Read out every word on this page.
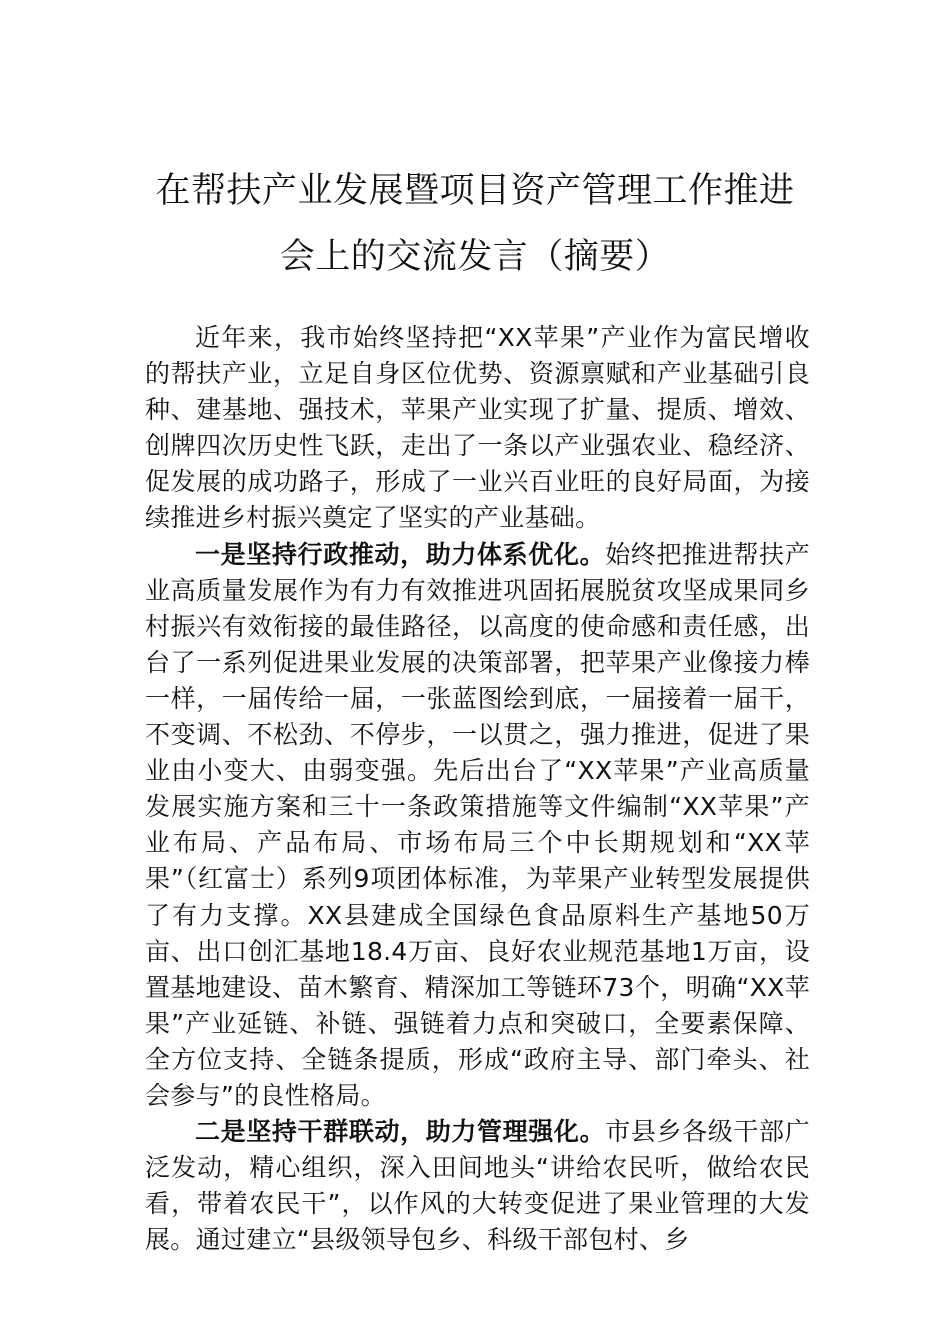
在帮扶产业发展暨项目资产管理工作推进
会上的交流发言（摘要）

近年来，我市始终坚持把“XX苹果”产业作为富民增收的帮扶产业，立足自身区位优势、资源禀赋和产业基础引良种、建基地、强技术，苹果产业实现了扩量、提质、增效、创牌四次历史性飞跃，走出了一条以产业强农业、稳经济、促发展的成功路子，形成了一业兴百业旺的良好局面，为接续推进乡村振兴奠定了坚实的产业基础。

一是坚持行政推动，助力体系优化。始终把推进帮扶产业高质量发展作为有力有效推进巩固拓展脱贫攻坚成果同乡村振兴有效衔接的最佳路径，以高度的使命感和责任感，出台了一系列促进果业发展的决策部署，把苹果产业像接力棒一样，一届传给一届，一张蓝图绘到底，一届接着一届干，不变调、不松劲、不停步，一以贯之，强力推进，促进了果业由小变大、由弱变强。先后出台了“XX苹果”产业高质量发展实施方案和三十一条政策措施等文件编制“XX苹果”产业布局、产品布局、市场布局三个中长期规划和“XX苹果”（红富士）系列9项团体标准，为苹果产业转型发展提供了有力支撑。XX县建成全国绿色食品原料生产基地50万亩、出口创汇基地18.4万亩、良好农业规范基地1万亩，设置基地建设、苗木繁育、精深加工等链环73个，明确“XX苹果”产业延链、补链、强链着力点和突破口，全要素保障、全方位支持、全链条提质，形成“政府主导、部门牵头、社会参与”的良性格局。

二是坚持干群联动，助力管理强化。市县乡各级干部广泛发动，精心组织，深入田间地头“讲给农民听，做给农民看，带着农民干”，以作风的大转变促进了果业管理的大发展。通过建立“县级领导包乡、科级干部包村、乡
